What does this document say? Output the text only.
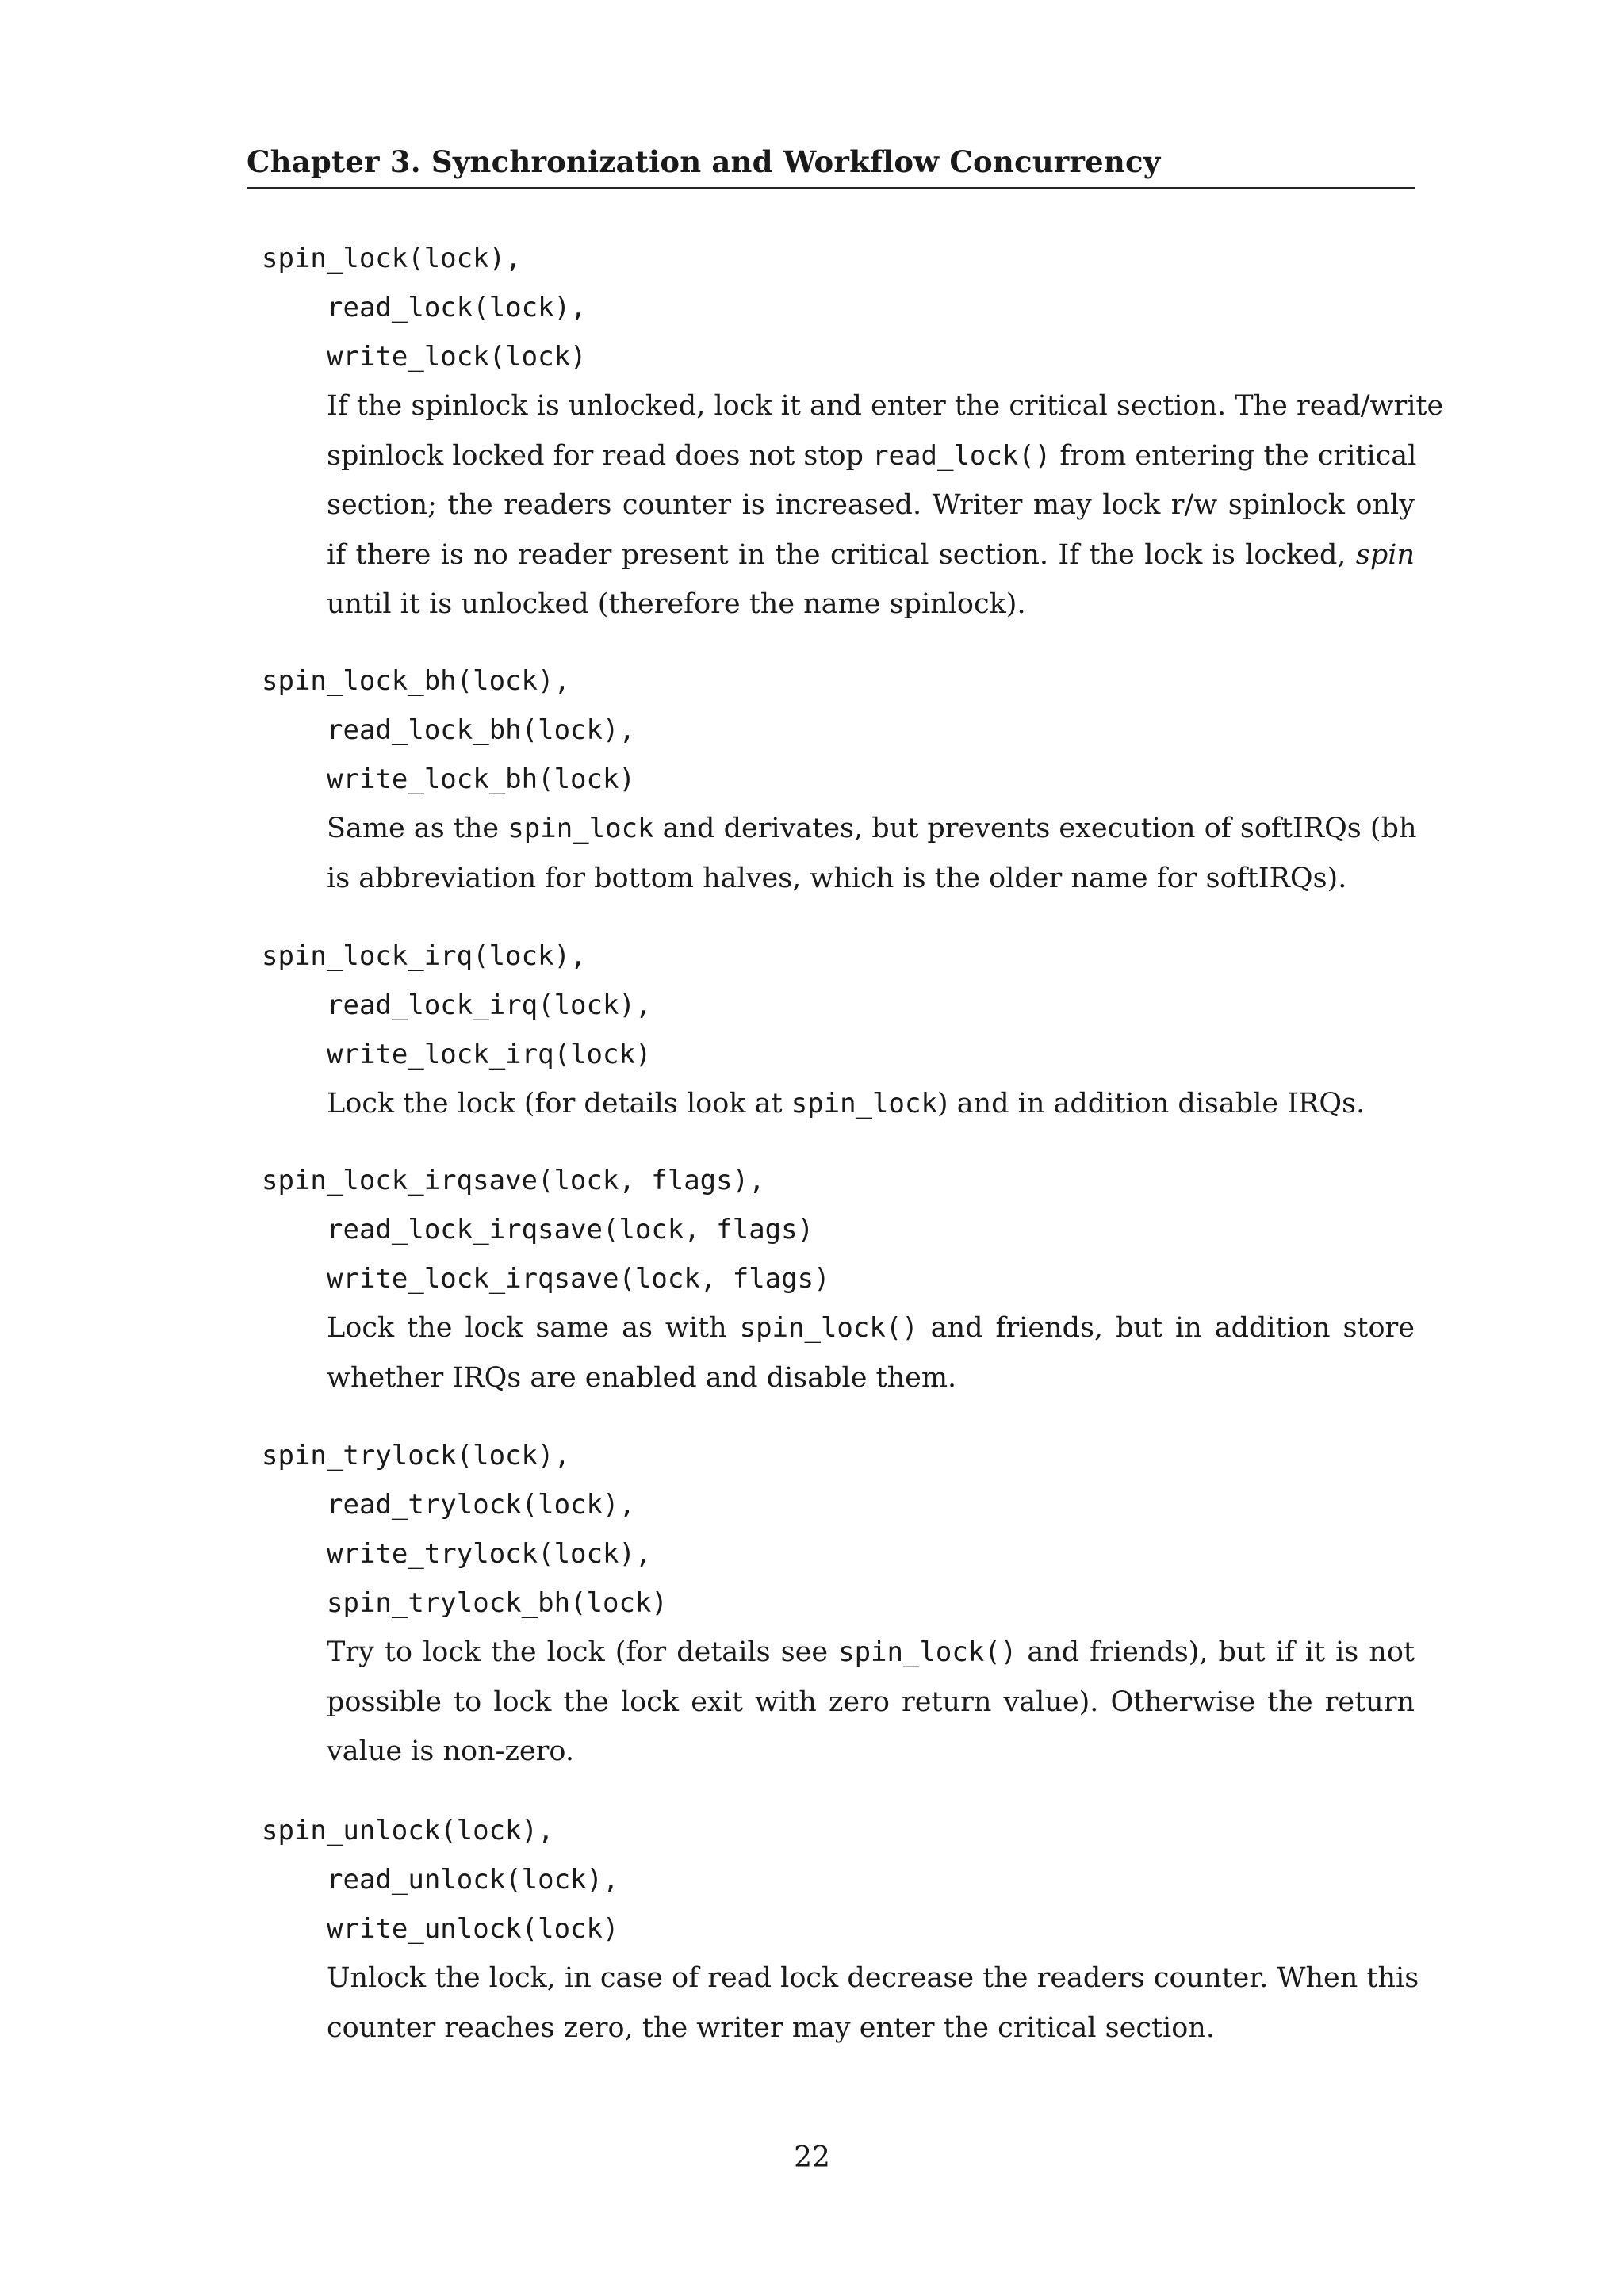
Chapter 3. Synchronization and Workflow Concurrency
spin_lock(lock),
read_lock(lock),
write_lock(lock)
If the spinlock is unlocked, lock it and enter the critical section. The read/write
spinlock locked for read does not stop read_lock() from entering the critical
section; the readers counter is increased. Writer may lock r/w spinlock only
if there is no reader present in the critical section. If the lock is locked, spin
until it is unlocked (therefore the name spinlock).
spin_lock_bh(lock),
read_lock_bh(lock),
write_lock_bh(lock)
Same as the spin_lock and derivates, but prevents execution of softIRQs (bh
is abbreviation for bottom halves, which is the older name for softIRQs).
spin_lock_irq(lock),
read_lock_irq(lock),
write_lock_irq(lock)
Lock the lock (for details look at spin_lock) and in addition disable IRQs.
spin_lock_irqsave(lock, flags),
read_lock_irqsave(lock, flags)
write_lock_irqsave(lock, flags)
Lock the lock same as with spin_lock() and friends, but in addition store
whether IRQs are enabled and disable them.
spin_trylock(lock),
read_trylock(lock),
write_trylock(lock),
spin_trylock_bh(lock)
Try to lock the lock (for details see spin_lock() and friends), but if it is not
possible to lock the lock exit with zero return value). Otherwise the return
value is non-zero.
spin_unlock(lock),
read_unlock(lock),
write_unlock(lock)
Unlock the lock, in case of read lock decrease the readers counter. When this
counter reaches zero, the writer may enter the critical section.
22
